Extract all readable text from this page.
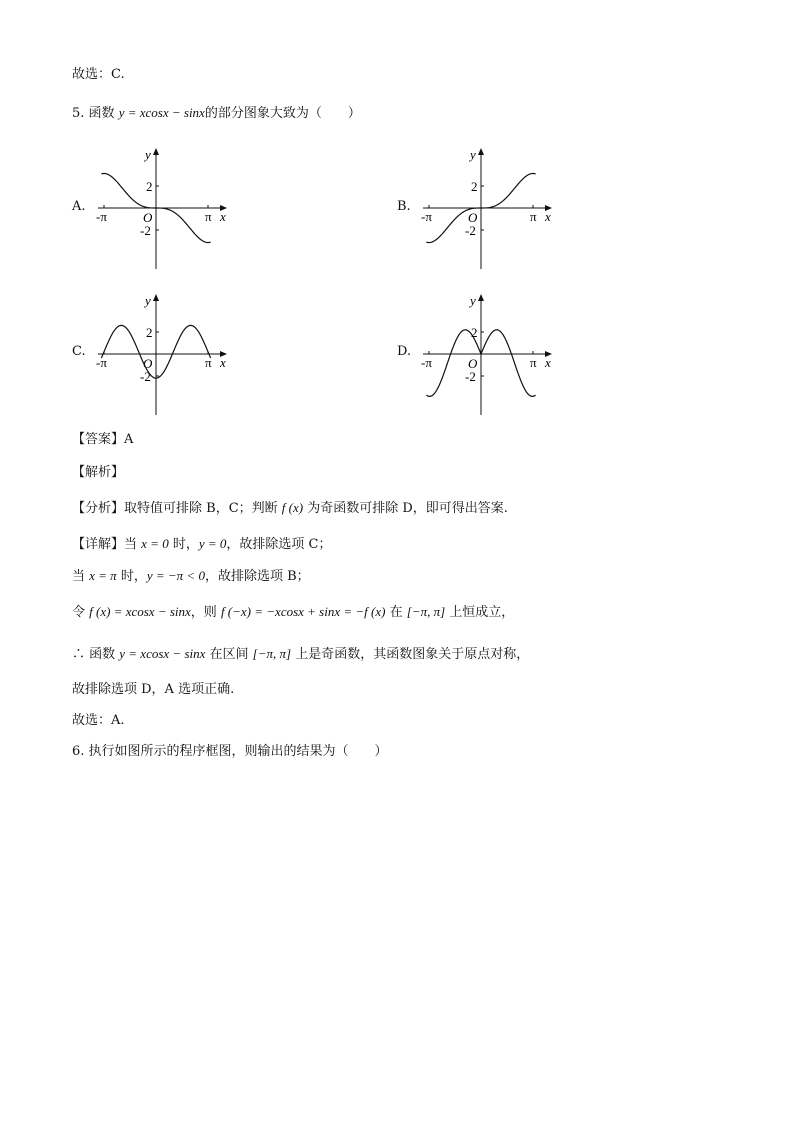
故选：C.
5. 函数 y = xcosx − sinx的部分图象大致为（　　）
A.	B.
C.	D.
y
x
O
-π	π
2
-2
y
x
O
-π	π
2
-2
y
x
O
-π	π
2
-2
y
x
O
-π	π
2
-2
【答案】A
【解析】
【分析】取特值可排除 B，C；判断 f (x) 为奇函数可排除 D，即可得出答案.
【详解】当 x = 0 时，y = 0，故排除选项 C；
当 x = π 时，y = −π < 0，故排除选项 B；
令 f (x) = xcosx − sinx，则 f (−x) = −xcosx + sinx = −f (x) 在 [−π, π] 上恒成立，
∴ 函数 y = xcosx − sinx 在区间 [−π, π] 上是奇函数，其函数图象关于原点对称，
故排除选项 D，A 选项正确.
故选：A.
6. 执行如图所示的程序框图，则输出的结果为（　　）
